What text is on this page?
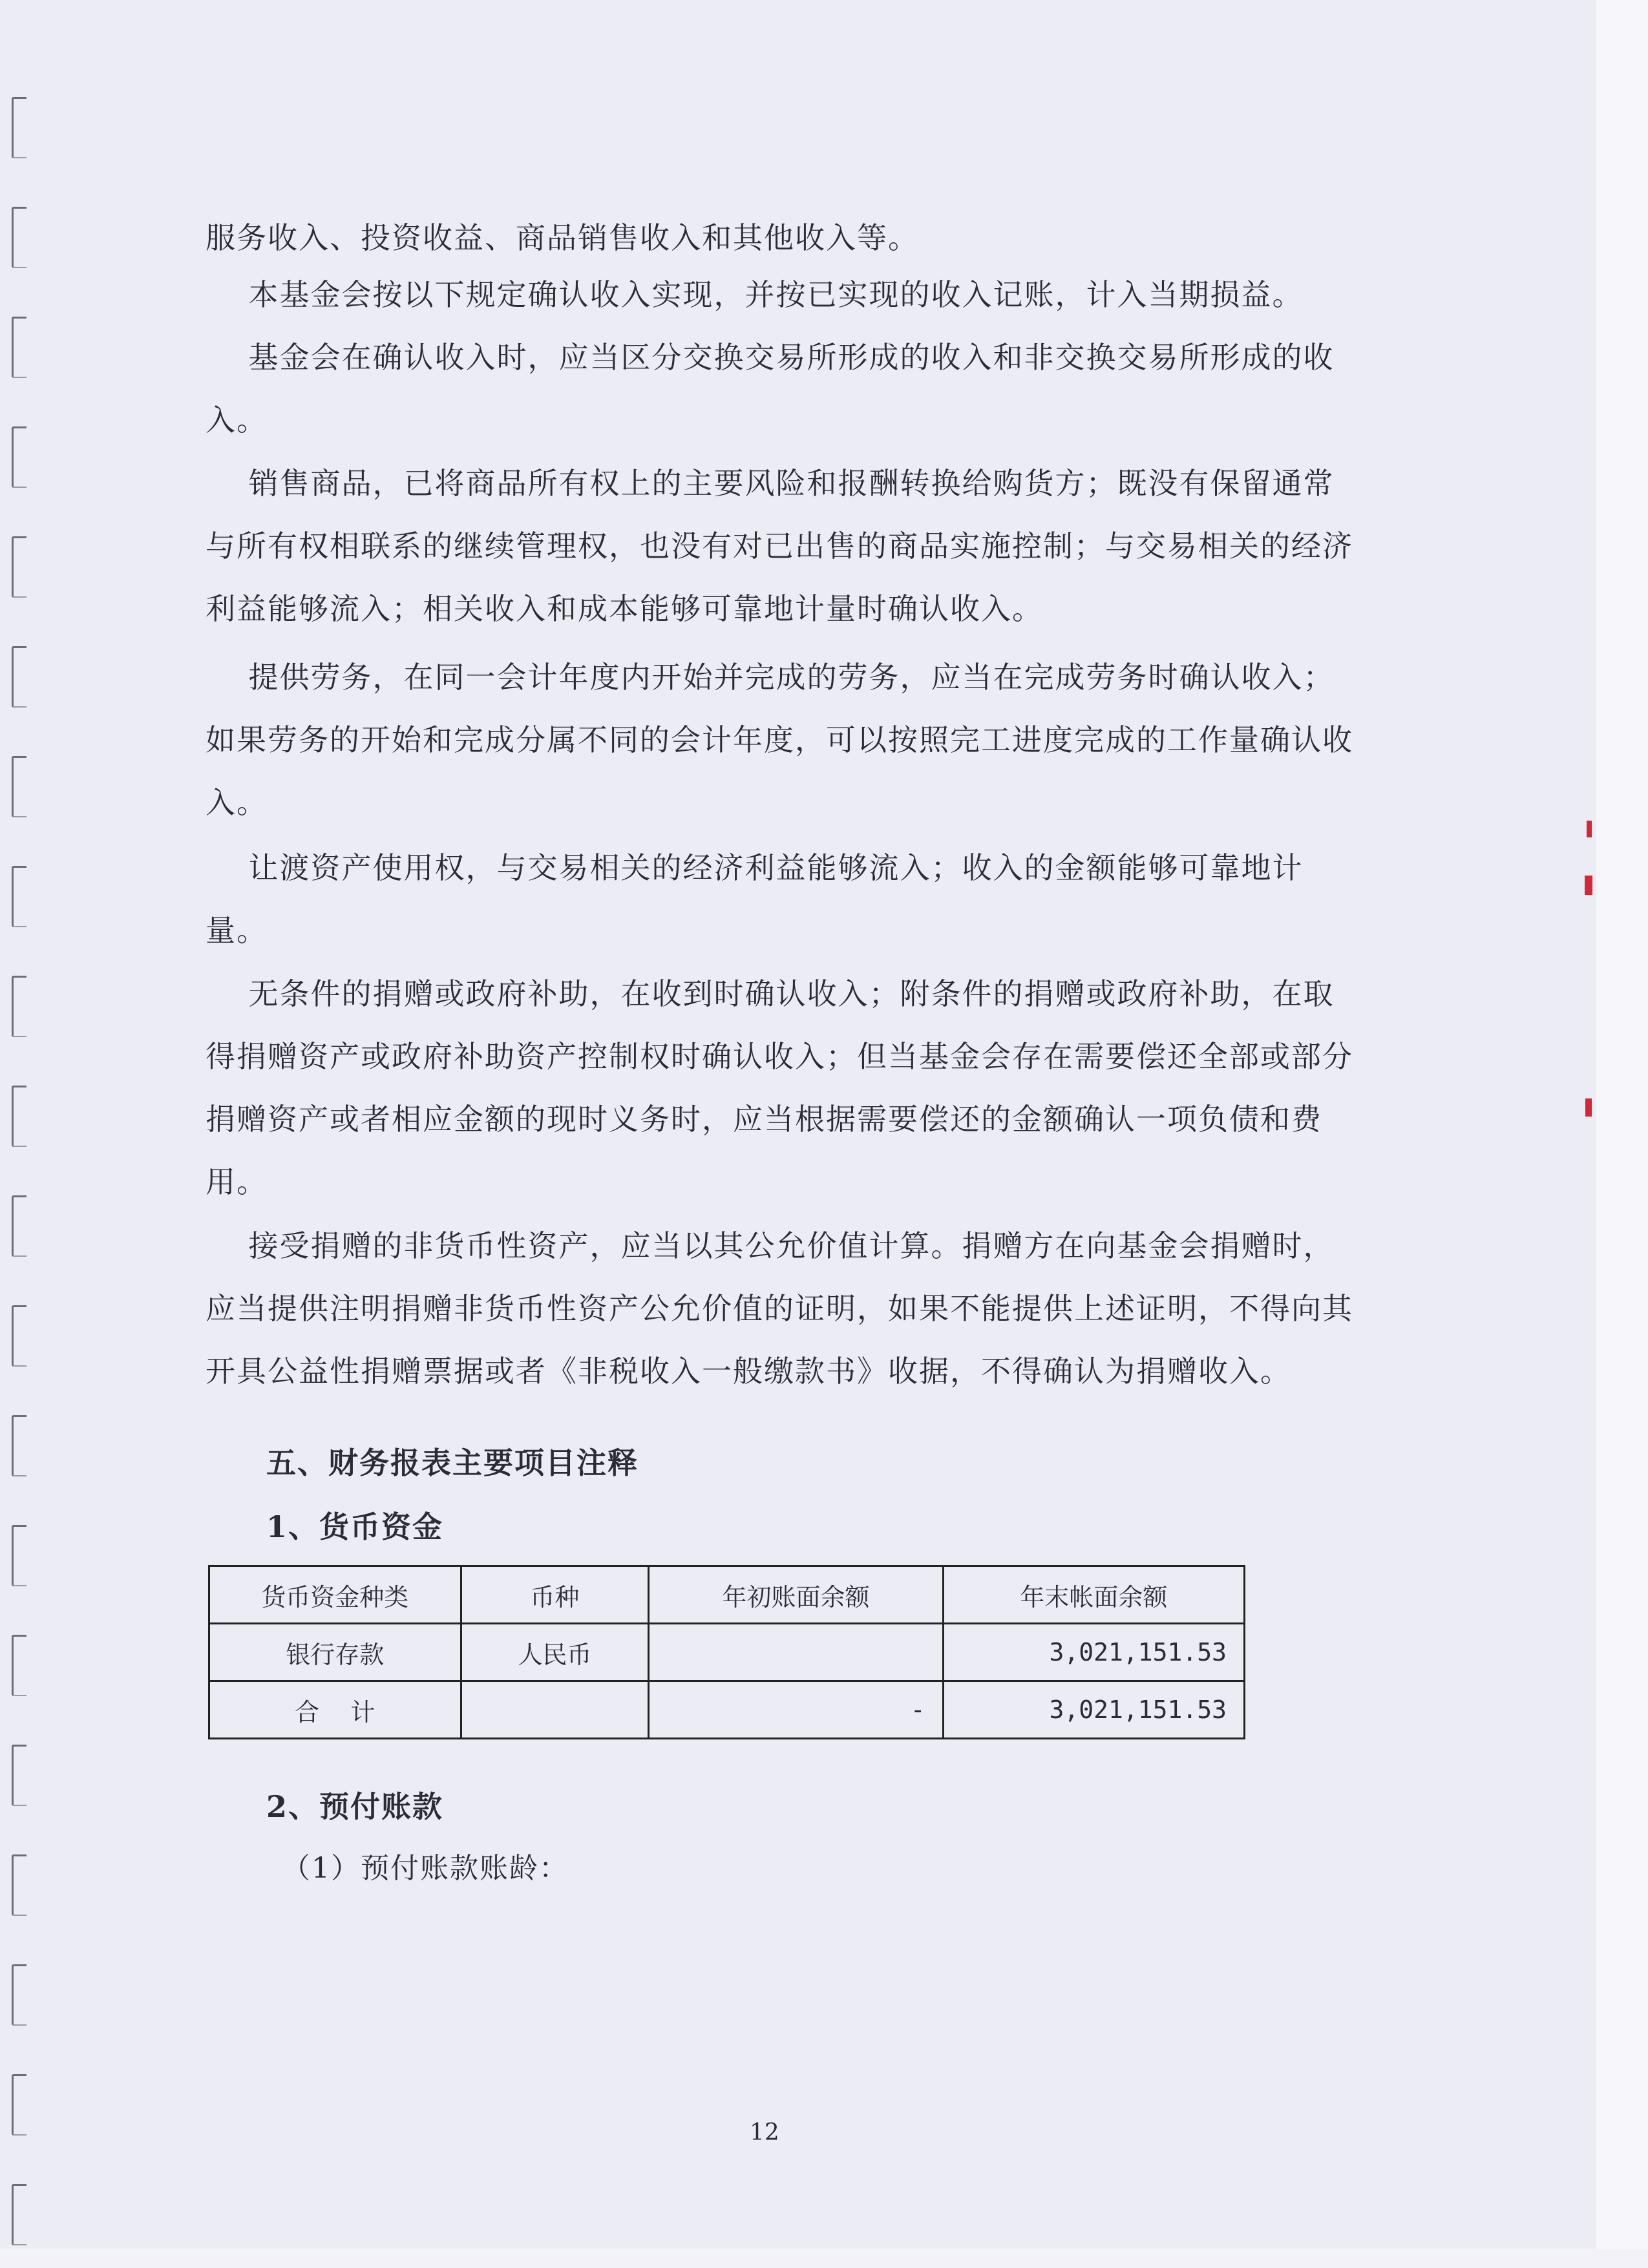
服务收入、投资收益、商品销售收入和其他收入等。

本基金会按以下规定确认收入实现，并按已实现的收入记账，计入当期损益。

基金会在确认收入时，应当区分交换交易所形成的收入和非交换交易所形成的收入。

销售商品，已将商品所有权上的主要风险和报酬转换给购货方；既没有保留通常与所有权相联系的继续管理权，也没有对已出售的商品实施控制；与交易相关的经济利益能够流入；相关收入和成本能够可靠地计量时确认收入。

提供劳务，在同一会计年度内开始并完成的劳务，应当在完成劳务时确认收入；如果劳务的开始和完成分属不同的会计年度，可以按照完工进度完成的工作量确认收入。

让渡资产使用权，与交易相关的经济利益能够流入；收入的金额能够可靠地计量。

无条件的捐赠或政府补助，在收到时确认收入；附条件的捐赠或政府补助，在取得捐赠资产或政府补助资产控制权时确认收入；但当基金会存在需要偿还全部或部分捐赠资产或者相应金额的现时义务时，应当根据需要偿还的金额确认一项负债和费用。

接受捐赠的非货币性资产，应当以其公允价值计算。捐赠方在向基金会捐赠时，应当提供注明捐赠非货币性资产公允价值的证明，如果不能提供上述证明，不得向其开具公益性捐赠票据或者《非税收入一般缴款书》收据，不得确认为捐赠收入。

五、财务报表主要项目注释

1、货币资金

货币资金种类	币种	年初账面余额	年末帐面余额
银行存款	人民币		3,021,151.53
合    计		-	3,021,151.53

2、预付账款

（1）预付账款账龄：

12
